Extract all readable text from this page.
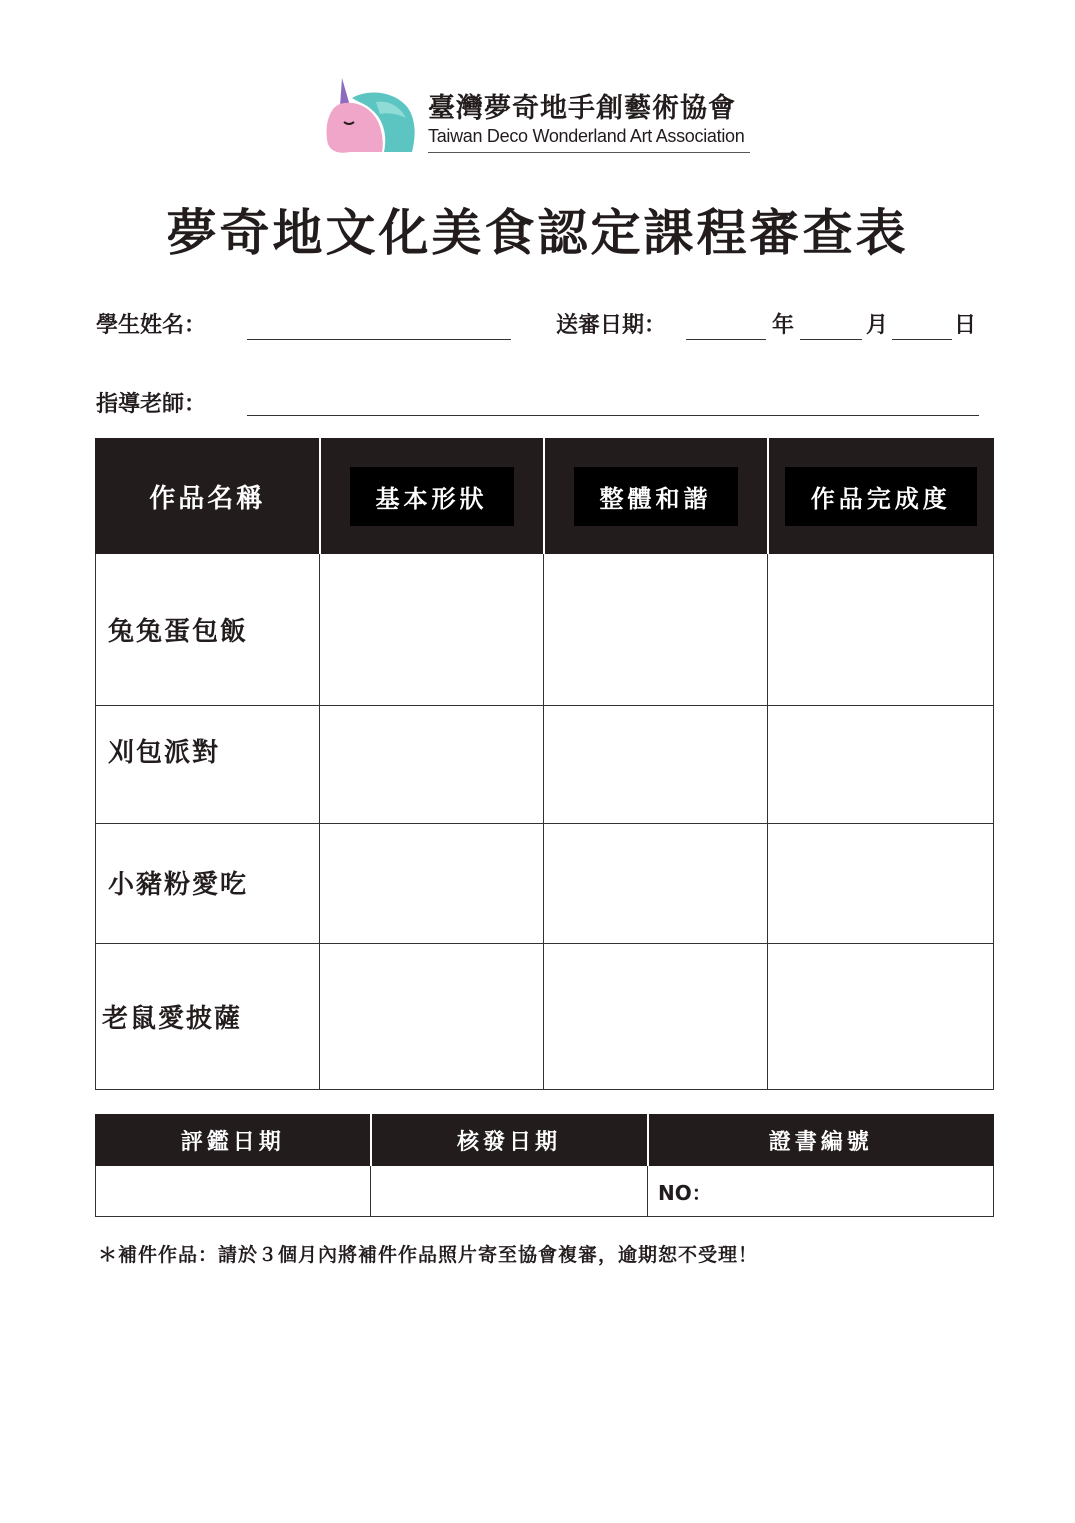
臺灣夢奇地手創藝術協會
Taiwan Deco Wonderland Art Association
夢奇地文化美食認定課程審查表
學生姓名：	送審日期：	年	月	日
指導老師：
作品名稱	基本形狀	整體和諧	作品完成度
兔兔蛋包飯			
刈包派對			
小豬粉愛吃			
老鼠愛披薩			
評鑑日期	核發日期	證書編號
		NO：
＊補件作品：請於３個月內將補件作品照片寄至協會複審，逾期恕不受理！
